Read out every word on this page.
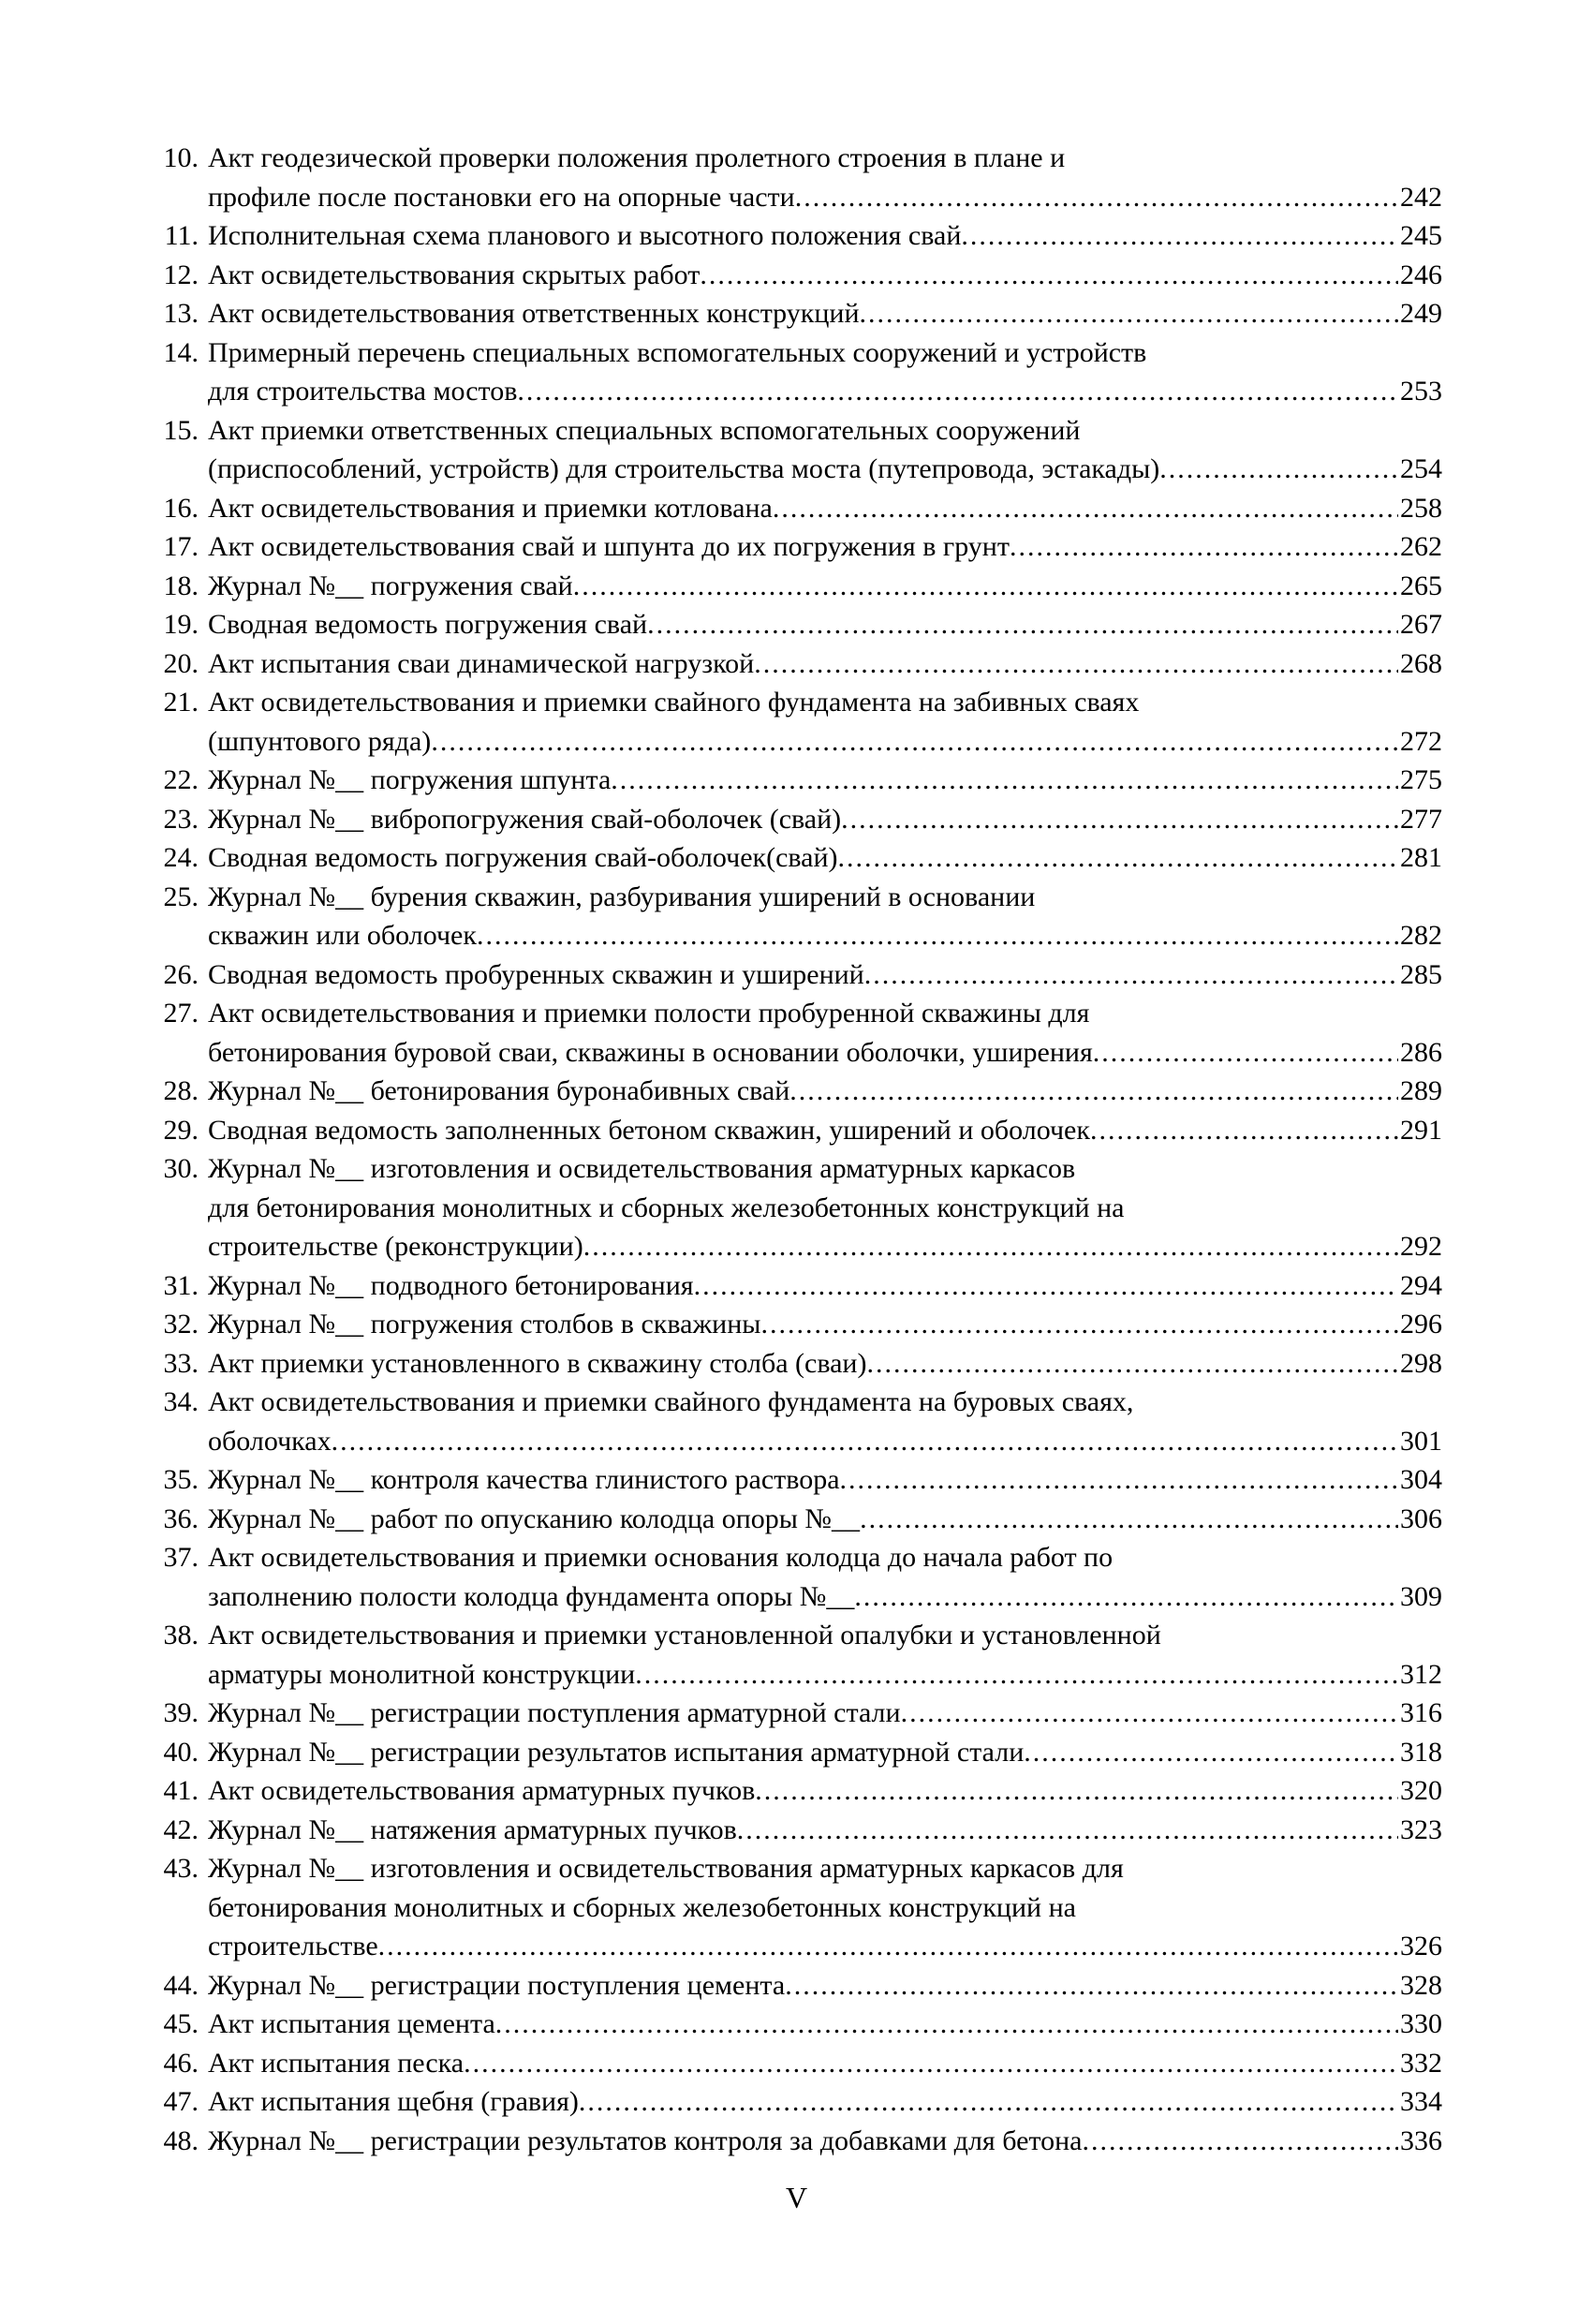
10. Акт геодезической проверки положения пролетного строения в плане и
профиле после постановки его на опорные части .....	242
11. Исполнительная схема планового и высотного положения свай .....	245
12. Акт освидетельствования скрытых работ .....	246
13. Акт освидетельствования ответственных конструкций .....	249
14. Примерный перечень специальных вспомогательных сооружений и устройств
для строительства мостов .....	253
15. Акт приемки ответственных специальных вспомогательных сооружений
(приспособлений, устройств) для строительства моста (путепровода, эстакады) .....	254
16. Акт освидетельствования и приемки котлована .....	258
17. Акт освидетельствования свай и шпунта до их погружения в грунт .....	262
18. Журнал №__ погружения свай .....	265
19. Сводная ведомость погружения свай .....	267
20. Акт испытания сваи динамической нагрузкой .....	268
21. Акт освидетельствования и приемки свайного фундамента на забивных сваях
(шпунтового ряда) .....	272
22. Журнал №__ погружения шпунта .....	275
23. Журнал №__ вибропогружения свай-оболочек (свай) .....	277
24. Сводная ведомость погружения свай-оболочек(свай) .....	281
25. Журнал №__ бурения скважин, разбуривания уширений в основании
скважин или оболочек .....	282
26. Сводная ведомость пробуренных скважин и уширений .....	285
27. Акт освидетельствования и приемки полости пробуренной скважины для
бетонирования буровой сваи, скважины в основании оболочки, уширения .....	286
28. Журнал №__ бетонирования буронабивных свай .....	289
29. Сводная ведомость заполненных бетоном скважин, уширений и оболочек .....	291
30. Журнал №__ изготовления и освидетельствования арматурных каркасов
для бетонирования монолитных и сборных железобетонных конструкций на
строительстве (реконструкции) .....	292
31. Журнал №__ подводного бетонирования .....	294
32. Журнал №__ погружения столбов в скважины .....	296
33. Акт приемки установленного в скважину столба (сваи) .....	298
34. Акт освидетельствования и приемки свайного фундамента на буровых сваях,
оболочках .....	301
35. Журнал №__ контроля качества глинистого раствора .....	304
36. Журнал №__ работ по опусканию колодца опоры №__ .....	306
37. Акт освидетельствования и приемки основания колодца до начала работ по
заполнению полости колодца фундамента опоры №__ .....	309
38. Акт освидетельствования и приемки установленной опалубки и установленной
арматуры монолитной конструкции .....	312
39. Журнал №__ регистрации поступления арматурной стали .....	316
40. Журнал №__ регистрации результатов испытания арматурной стали .....	318
41. Акт освидетельствования арматурных пучков .....	320
42. Журнал №__ натяжения арматурных пучков .....	323
43. Журнал №__ изготовления и освидетельствования арматурных каркасов для
бетонирования монолитных и сборных железобетонных конструкций на
строительстве .....	326
44. Журнал №__ регистрации поступления цемента .....	328
45. Акт испытания цемента .....	330
46. Акт испытания песка .....	332
47. Акт испытания щебня (гравия) .....	334
48. Журнал №__ регистрации результатов контроля за добавками для бетона .....	336
V
